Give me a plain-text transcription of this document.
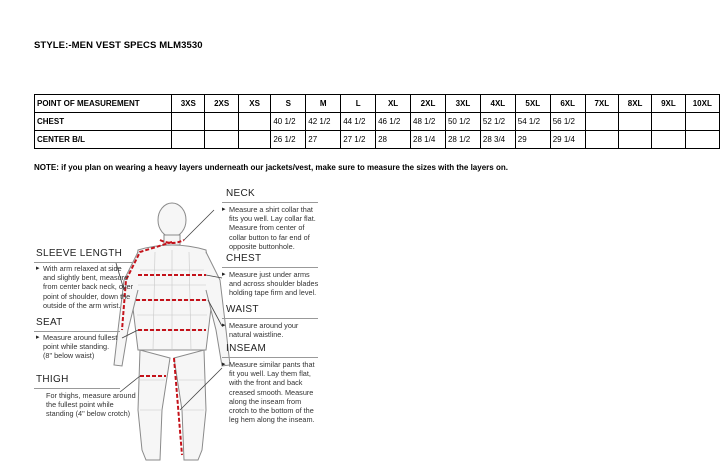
STYLE:-MEN VEST SPECS MLM3530
POINT OF MEASUREMENT	3XS	2XS	XS	S	M	L	XL	2XL	3XL	4XL	5XL	6XL	7XL	8XL	9XL	10XL
CHEST				40 1/2	42 1/2	44 1/2	46 1/2	48 1/2	50 1/2	52 1/2	54 1/2	56 1/2				
CENTER B/L				26 1/2	27	27 1/2	28	28 1/4	28 1/2	28 3/4	29	29 1/4				
NOTE: if you plan on wearing a heavy layers underneath our jackets/vest, make sure to measure the sizes with the layers on.
NECK
▸ Measure a shirt collar that
fits you well. Lay collar flat.
Measure from center of
collar button to far end of
opposite buttonhole.
CHEST
▸ Measure just under arms
and across shoulder blades
holding tape firm and level.
WAIST
▸ Measure around your
natural waistline.
INSEAM
▸ Measure similar pants that
fit you well. Lay them flat,
with the front and back
creased smooth. Measure
along the inseam from
crotch to the bottom of the
leg hem along the inseam.
SLEEVE LENGTH
▸ With arm relaxed at side
and slightly bent, measure
from center back neck, over
point of shoulder, down the
outside of the arm wrist.
SEAT
▸ Measure around fullest
point while standing.
(8" below waist)
THIGH
For thighs, measure around
the fullest point while
standing (4" below crotch)
